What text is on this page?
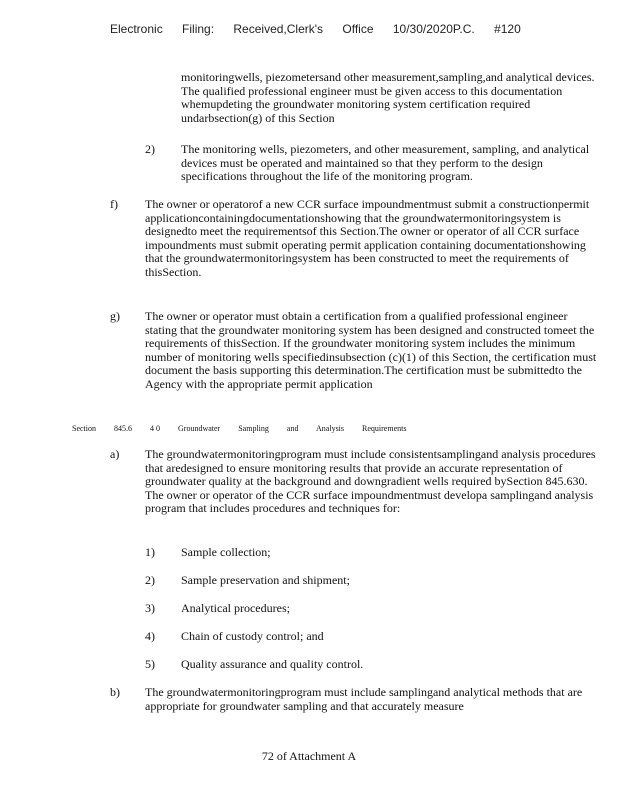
Electronic Filing: Received,Clerk's Office 10/30/2020P.C. #120

monitoringwells, piezometersand other measurement,sampling,and analytical devices. The qualified professional engineer must be given access to this documentation whemupdeting the groundwater monitoring system certification required undarbsection(g) of this Section

2) The monitoring wells, piezometers, and other measurement, sampling, and analytical devices must be operated and maintained so that they perform to the design specifications throughout the life of the monitoring program.

f) The owner or operatorof a new CCR surface impoundmentmust submit a constructionpermit applicationcontainingdocumentationshowing that the groundwatermonitoringsystem is designedto meet the requirementsof this Section.The owner or operator of all CCR surface impoundments must submit operating permit application containing documentationshowing that the groundwatermonitoringsystem has been constructed to meet the requirements of thisSection.

g) The owner or operator must obtain a certification from a qualified professional engineer stating that the groundwater monitoring system has been designed and constructed tomeet the requirements of thisSection. If the groundwater monitoring system includes the minimum number of monitoring wells specifiedinsubsection (c)(1) of this Section, the certification must document the basis supporting this determination.The certification must be submittedto the Agency with the appropriate permit application

Section 845.6 4 0 Groundwater Sampling and Analysis Requirements
a) The groundwatermonitoringprogram must include consistentsamplingand analysis procedures that aredesigned to ensure monitoring results that provide an accurate representation of groundwater quality at the background and downgradient wells required bySection 845.630. The owner or operator of the CCR surface impoundmentmust developa samplingand analysis program that includes procedures and techniques for:

1) Sample collection;
2) Sample preservation and shipment;
3) Analytical procedures;
4) Chain of custody control; and
5) Quality assurance and quality control.
b) The groundwatermonitoringprogram must include samplingand analytical methods that are appropriate for groundwater sampling and that accurately measure

72 of Attachment A
